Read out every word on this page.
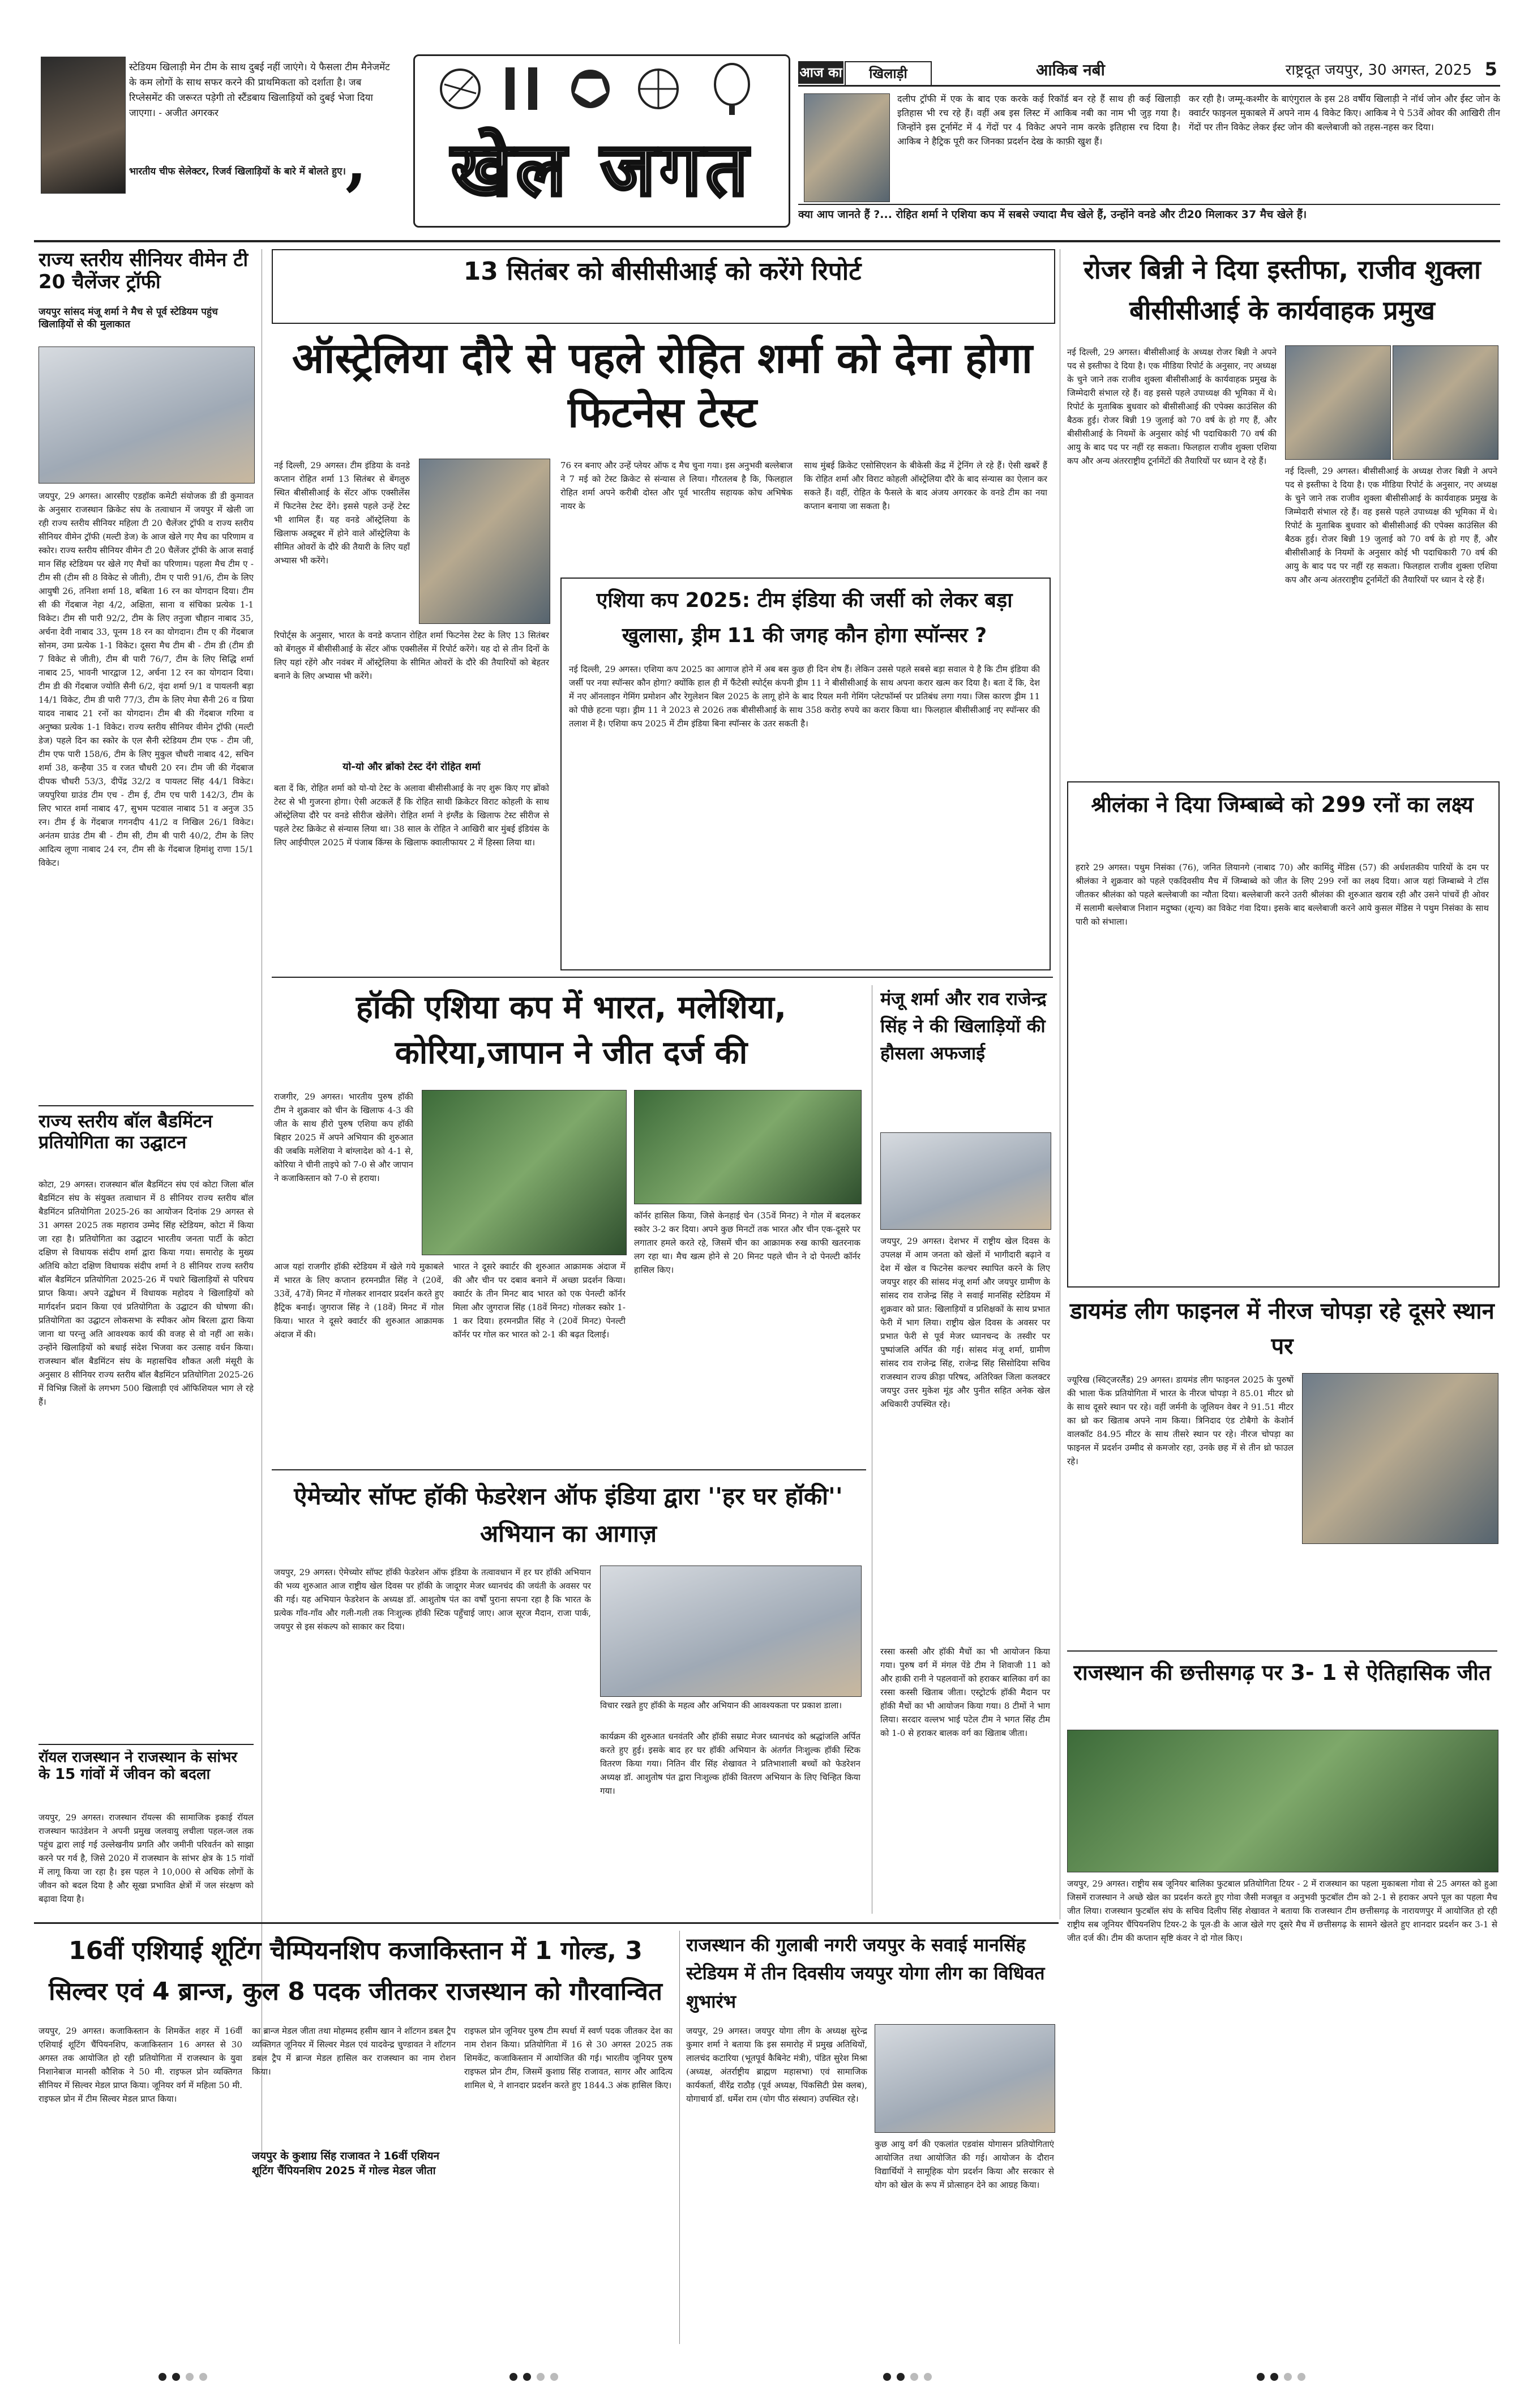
स्टेडियम खिलाड़ी मेन टीम के साथ दुबई नहीं जाएंगे। ये फैसला टीम मैनेजमेंट के कम लोगों के साथ सफर करने की प्राथमिकता को दर्शाता है। जब रिप्लेसमेंट की जरूरत पड़ेगी तो स्टैंडबाय खिलाड़ियों को दुबई भेजा दिया जाएगा। - अजीत अगरकर
भारतीय चीफ सेलेक्टर, रिजर्व खिलाड़ियों के बारे में बोलते हुए। ,	खेल जगत
आज का	खिलाड़ी	आकिब नबी	राष्ट्रदूत जयपुर, 30 अगस्त, 2025 5
दलीप ट्रॉफी में एक के बाद एक करके कई रिकॉर्ड बन रहे हैं साथ ही कई खिलाड़ी इतिहास भी रच रहे हैं। वहीं अब इस लिस्ट में आकिब नबी का नाम भी जुड़ गया है। जिन्होंने इस टूर्नामेंट में 4 गेंदों पर 4 विकेट अपने नाम करके इतिहास रच दिया है। आकिब ने हैट्रिक पूरी कर जिनका प्रदर्शन देख के काफ़ी खुश हैं।
कर रही है। जम्मू-कश्मीर के बाएंगुराल के इस 28 वर्षीय खिलाड़ी ने नॉर्थ जोन और ईस्ट जोन के क्वार्टर फाइनल मुकाबले में अपने नाम 4 विकेट किए। आकिब ने पे 53वें ओवर की आखिरी तीन गेंदों पर तीन विकेट लेकर ईस्ट जोन की बल्लेबाजी को तहस-नहस कर दिया।
क्या आप जानते हैं ?... रोहित शर्मा ने एशिया कप में सबसे ज्यादा मैच खेले हैं, उन्होंने वनडे और टी20 मिलाकर 37 मैच खेले हैं।
राज्य स्तरीय सीनियर वीमेन टी 20 चैलेंजर ट्रॉफी
जयपुर सांसद मंजू शर्मा ने मैच से पूर्व स्टेडियम पहुंच खिलाड़ियों से की मुलाकात
जयपुर, 29 अगस्त। आरसीए एडहॉक कमेटी संयोजक डी डी कुमावत के अनुसार राजस्थान क्रिकेट संघ के तत्वाधान में जयपुर में खेली जा रही राज्य स्तरीय सीनियर महिला टी 20 चैलेंजर ट्रॉफी व राज्य स्तरीय सीनियर वीमेन ट्रॉफी (मल्टी डेज) के आज खेले गए मैच का परिणाम व स्कोर। राज्य स्तरीय सीनियर वीमेन टी 20 चैलेंजर ट्रॉफी के आज सवाई मान सिंह स्टेडियम पर खेले गए मैचों का परिणाम। पहला मैच टीम ए - टीम सी (टीम सी 8 विकेट से जीती), टीम ए पारी 91/6, टीम के लिए आयुषी 26, तनिशा शर्मा 18, बबिता 16 रन का योगदान दिया। टीम सी की गेंदबाज नेहा 4/2, अक्षिता, साना व संचिका प्रत्येक 1-1 विकेट। टीम सी पारी 92/2, टीम के लिए तनुजा चौहान नाबाद 35, अर्चना देवी नाबाद 33, पूनम 18 रन का योगदान। टीम ए की गेंदबाज सोनम, उमा प्रत्येक 1-1 विकेट। दूसरा मैच टीम बी - टीम डी (टीम डी 7 विकेट से जीती), टीम बी पारी 76/7, टीम के लिए सिद्धि शर्मा नाबाद 25, भावनी भारद्वाज 12, अर्चना 12 रन का योगदान दिया। टीम डी की गेंदबाज ज्योति सैनी 6/2, वृंदा शर्मा 9/1 व पायलनी बड़ा 14/1 विकेट, टीम डी पारी 77/3, टीम के लिए मेघा सैनी 26 व प्रिया यादव नाबाद 21 रनों का योगदान। टीम बी की गेंदबाज गरिमा व अनुष्का प्रत्येक 1-1 विकेट। राज्य स्तरीय सीनियर वीमेन ट्रॉफी (मल्टी डेज) पहले दिन का स्कोर के एल सैनी स्टेडियम टीम एफ - टीम जी, टीम एफ पारी 158/6, टीम के लिए मुकुल चौधरी नाबाद 42, सचिन शर्मा 38, कन्हैया 35 व रजत चौधरी 20 रन। टीम जी की गेंदबाज दीपक चौधरी 53/3, दीपेंद्र 32/2 व पायलट सिंह 44/1 विकेट। जयपुरिया ग्राउंड टीम एच - टीम ई, टीम एच पारी 142/3, टीम के लिए भारत शर्मा नाबाद 47, सुभम पटवाल नाबाद 51 व अनुज 35 रन। टीम ई के गेंदबाज गगनदीप 41/2 व निखिल 26/1 विकेट। अनंतम ग्राउंड टीम बी - टीम सी, टीम बी पारी 40/2, टीम के लिए आदित्य लूणा नाबाद 24 रन, टीम सी के गेंदबाज हिमांशु राणा 15/1 विकेट।
राज्य स्तरीय बॉल बैडमिंटन प्रतियोगिता का उद्घाटन
कोटा, 29 अगस्त। राजस्थान बॉल बैडमिंटन संघ एवं कोटा जिला बॉल बैडमिंटन संघ के संयुक्त तत्वाधान में 8 सीनियर राज्य स्तरीय बॉल बैडमिंटन प्रतियोगिता 2025-26 का आयोजन दिनांक 29 अगस्त से 31 अगस्त 2025 तक महाराव उम्मेद सिंह स्टेडियम, कोटा में किया जा रहा है। प्रतियोगिता का उद्घाटन भारतीय जनता पार्टी के कोटा दक्षिण से विधायक संदीप शर्मा द्वारा किया गया। समारोह के मुख्य अतिथि कोटा दक्षिण विधायक संदीप शर्मा ने 8 सीनियर राज्य स्तरीय बॉल बैडमिंटन प्रतियोगिता 2025-26 में पधारे खिलाड़ियों से परिचय प्राप्त किया। अपने उद्बोधन में विधायक महोदय ने खिलाड़ियों को मार्गदर्शन प्रदान किया एवं प्रतियोगिता के उद्घाटन की घोषणा की। प्रतियोगिता का उद्घाटन लोकसभा के स्पीकर ओम बिरला द्वारा किया जाना था परन्तु अति आवश्यक कार्य की वजह से वो नहीं आ सके। उन्होंने खिलाड़ियों को बधाई संदेश भिजवा कर उत्साह वर्धन किया। राजस्थान बॉल बैडमिंटन संघ के महासचिव शौकत अली मंसूरी के अनुसार 8 सीनियर राज्य स्तरीय बॉल बैडमिंटन प्रतियोगिता 2025-26 में विभिन्न जिलों के लगभग 500 खिलाड़ी एवं ऑफिशियल भाग ले रहे हैं।
रॉयल राजस्थान ने राजस्थान के सांभर के 15 गांवों में जीवन को बदला
जयपुर, 29 अगस्त। राजस्थान रॉयल्स की सामाजिक इकाई रॉयल राजस्थान फाउंडेशन ने अपनी प्रमुख जलवायु लचीला पहल-जल तक पहुंच द्वारा लाई गई उल्लेखनीय प्रगति और जमीनी परिवर्तन को साझा करने पर गर्व है, जिसे 2020 में राजस्थान के सांभर क्षेत्र के 15 गांवों में लागू किया जा रहा है। इस पहल ने 10,000 से अधिक लोगों के जीवन को बदल दिया है और सूखा प्रभावित क्षेत्रों में जल संरक्षण को बढ़ावा दिया है।
13 सितंबर को बीसीसीआई को करेंगे रिपोर्ट
ऑस्ट्रेलिया दौरे से पहले रोहित शर्मा को देना होगा फिटनेस टेस्ट
नई दिल्ली, 29 अगस्त। टीम इंडिया के वनडे कप्तान रोहित शर्मा 13 सितंबर से बेंगलुरु स्थित बीसीसीआई के सेंटर ऑफ एक्सीलेंस में फिटनेस टेस्ट देंगे। इससे पहले उन्हें टेस्ट भी शामिल हैं। यह वनडे ऑस्ट्रेलिया के खिलाफ अक्टूबर में होने वाले ऑस्ट्रेलिया के सीमित ओवरों के दौरे की तैयारी के लिए यहाँ अभ्यास भी करेंगे।
रिपोर्ट्स के अनुसार, भारत के वनडे कप्तान रोहित शर्मा फिटनेस टेस्ट के लिए 13 सितंबर को बेंगलुरु में बीसीसीआई के सेंटर ऑफ एक्सीलेंस में रिपोर्ट करेंगे। यह दो से तीन दिनों के लिए यहां रहेंगे और नवंबर में ऑस्ट्रेलिया के सीमित ओवरों के दौरे की तैयारियों को बेहतर बनाने के लिए अभ्यास भी करेंगे।
यो-यो और ब्रोंको टेस्ट देंगे रोहित शर्मा
बता दें कि, रोहित शर्मा को यो-यो टेस्ट के अलावा बीसीसीआई के नए शुरू किए गए ब्रोंको टेस्ट से भी गुजरना होगा। ऐसी अटकलें हैं कि रोहित साथी क्रिकेटर विराट कोहली के साथ ऑस्ट्रेलिया दौरे पर वनडे सीरीज खेलेंगे। रोहित शर्मा ने इंग्लैंड के खिलाफ टेस्ट सीरीज से पहले टेस्ट क्रिकेट से संन्यास लिया था। 38 साल के रोहित ने आखिरी बार मुंबई इंडियंस के लिए आईपीएल 2025 में पंजाब किंग्स के खिलाफ क्वालीफायर 2 में हिस्सा लिया था।
76 रन बनाए और उन्हें प्लेयर ऑफ द मैच चुना गया। इस अनुभवी बल्लेबाज ने 7 मई को टेस्ट क्रिकेट से संन्यास ले लिया। गौरतलब है कि, फिलहाल रोहित शर्मा अपने करीबी दोस्त और पूर्व भारतीय सहायक कोच अभिषेक नायर के
साथ मुंबई क्रिकेट एसोसिएशन के बीकेसी केंद्र में ट्रेनिंग ले रहे हैं। ऐसी खबरें हैं कि रोहित शर्मा और विराट कोहली ऑस्ट्रेलिया दौरे के बाद संन्यास का ऐलान कर सकते हैं। वहीं, रोहित के फैसले के बाद अंजय अगरकर के वनडे टीम का नया कप्तान बनाया जा सकता है।
एशिया कप 2025: टीम इंडिया की जर्सी को लेकर बड़ा खुलासा, ड्रीम 11 की जगह कौन होगा स्पॉन्सर ?
नई दिल्ली, 29 अगस्त। एशिया कप 2025 का आगाज होने में अब बस कुछ ही दिन शेष हैं। लेकिन उससे पहले सबसे बड़ा सवाल ये है कि टीम इंडिया की जर्सी पर नया स्पॉन्सर कौन होगा? क्योंकि हाल ही में फैंटेसी स्पोर्ट्स कंपनी ड्रीम 11 ने बीसीसीआई के साथ अपना करार खत्म कर दिया है। बता दें कि, देश में नए ऑनलाइन गेमिंग प्रमोशन और रेगुलेशन बिल 2025 के लागू होने के बाद रियल मनी गेमिंग प्लेटफॉर्म्स पर प्रतिबंध लगा गया। जिस कारण ड्रीम 11 को पीछे हटना पड़ा। ड्रीम 11 ने 2023 से 2026 तक बीसीसीआई के साथ 358 करोड़ रुपये का करार किया था। फिलहाल बीसीसीआई नए स्पॉन्सर की तलाश में है। एशिया कप 2025 में टीम इंडिया बिना स्पॉन्सर के उतर सकती है।
हॉकी एशिया कप में भारत, मलेशिया, कोरिया,जापान ने जीत दर्ज की
राजगीर, 29 अगस्त। भारतीय पुरुष हॉकी टीम ने शुक्रवार को चीन के खिलाफ 4-3 की जीत के साथ हीरो पुरुष एशिया कप हॉकी बिहार 2025 में अपने अभियान की शुरुआत की जबकि मलेशिया ने बांग्लादेश को 4-1 से, कोरिया ने चीनी ताइपे को 7-0 से और जापान ने कजाकिस्तान को 7-0 से हराया।
कॉर्नर हासिल किया, जिसे केनहाई चेन (35वें मिनट) ने गोल में बदलकर स्कोर 3-2 कर दिया। अपने कुछ मिनटों तक भारत और चीन एक-दूसरे पर लगातार हमले करते रहे, जिसमें चीन का आक्रामक रुख काफी खतरनाक लग रहा था। मैच खत्म होने से 20 मिनट पहले चीन ने दो पेनल्टी कॉर्नर हासिल किए।
आज यहां राजगीर हॉकी स्टेडियम में खेले गये मुकाबले में भारत के लिए कप्तान हरमनप्रीत सिंह ने (20वें, 33वें, 47वें) मिनट में गोलकर शानदार प्रदर्शन करते हुए हैट्रिक बनाई। जुगराज सिंह ने (18वें) मिनट में गोल किया। भारत ने दूसरे क्वार्टर की शुरुआत आक्रामक अंदाज में की।
भारत ने दूसरे क्वार्टर की शुरुआत आक्रामक अंदाज में की और चीन पर दबाव बनाने में अच्छा प्रदर्शन किया। क्वार्टर के तीन मिनट बाद भारत को एक पेनल्टी कॉर्नर मिला और जुगराज सिंह (18वें मिनट) गोलकर स्कोर 1-1 कर दिया। हरमनप्रीत सिंह ने (20वें मिनट) पेनल्टी कॉर्नर पर गोल कर भारत को 2-1 की बढ़त दिलाई।
मंजू शर्मा और राव राजेन्द्र सिंह ने की खिलाड़ियों की हौसला अफजाई
जयपुर, 29 अगस्त। देशभर में राष्ट्रीय खेल दिवस के उपलक्ष में आम जनता को खेलों में भागीदारी बढ़ाने व देश में खेल व फिटनेस कल्चर स्थापित करने के लिए जयपुर शहर की सांसद मंजू शर्मा और जयपुर ग्रामीण के सांसद राव राजेन्द्र सिंह ने सवाई मानसिंह स्टेडियम में शुक्रवार को प्रात: खिलाड़ियों व प्रशिक्षकों के साथ प्रभात फेरी में भाग लिया। राष्ट्रीय खेल दिवस के अवसर पर प्रभात फेरी से पूर्व मेजर ध्यानचन्द के तस्वीर पर पुष्पांजलि अर्पित की गई। सांसद मंजू शर्मा, ग्रामीण सांसद राव राजेन्द्र सिंह, राजेन्द्र सिंह सिसोदिया सचिव राजस्थान राज्य क्रीड़ा परिषद, अतिरिक्त जिला कलक्टर जयपुर उत्तर मुकेश मूंड और पुनीत सहित अनेक खेल अधिकारी उपस्थित रहे।
रस्सा कस्सी और हॉकी मैचों का भी आयोजन किया गया। पुरुष वर्ग में मंगल पेंडे टीम ने शिवाजी 11 को और हाकी रानी ने पहलवानों को हराकर बालिका वर्ग का रस्सा कस्सी खिताब जीता। एस्ट्रोटर्फ हॉकी मैदान पर हॉकी मैचों का भी आयोजन किया गया। 8 टीमों ने भाग लिया। सरदार वल्लभ भाई पटेल टीम ने भगत सिंह टीम को 1-0 से हराकर बालक वर्ग का खिताब जीता।
ऐमेच्योर सॉफ्ट हॉकी फेडरेशन ऑफ इंडिया द्वारा ''हर घर हॉकी'' अभियान का आगाज़
जयपुर, 29 अगस्त। ऐमेच्योर सॉफ्ट हॉकी फेडरेशन ऑफ इंडिया के तत्वावधान में हर घर हॉकी अभियान की भव्य शुरुआत आज राष्ट्रीय खेल दिवस पर हॉकी के जादूगर मेजर ध्यानचंद की जयंती के अवसर पर की गई। यह अभियान फेडरेशन के अध्यक्ष डॉ. आशुतोष पंत का वर्षों पुराना सपना रहा है कि भारत के प्रत्येक गाँव-गाँव और गली-गली तक निःशुल्क हॉकी स्टिक पहुँचाई जाए। आज सूरज मैदान, राजा पार्क, जयपुर से इस संकल्प को साकार कर दिया।
विचार रखते हुए हॉकी के महत्व और अभियान की आवश्यकता पर प्रकाश डाला।
कार्यक्रम की शुरुआत धनवंतरि और हॉकी सम्राट मेजर ध्यानचंद को श्रद्धांजलि अर्पित करते हुए हुई। इसके बाद हर घर हॉकी अभियान के अंतर्गत निःशुल्क हॉकी स्टिक वितरण किया गया। नितिन वीर सिंह शेखावत ने प्रतिभाशाली बच्चों को फेडरेशन अध्यक्ष डॉ. आशुतोष पंत द्वारा निःशुल्क हॉकी वितरण अभियान के लिए चिन्हित किया गया।
रोजर बिन्नी ने दिया इस्तीफा, राजीव शुक्ला बीसीसीआई के कार्यवाहक प्रमुख
नई दिल्ली, 29 अगस्त। बीसीसीआई के अध्यक्ष रोजर बिन्नी ने अपने पद से इस्तीफा दे दिया है। एक मीडिया रिपोर्ट के अनुसार, नए अध्यक्ष के चुने जाने तक राजीव शुक्ला बीसीसीआई के कार्यवाहक प्रमुख के जिम्मेदारी संभाल रहे हैं। वह इससे पहले उपाध्यक्ष की भूमिका में थे। रिपोर्ट के मुताबिक बुधवार को बीसीसीआई की एपेक्स काउंसिल की बैठक हुई। रोजर बिन्नी 19 जुलाई को 70 वर्ष के हो गए हैं, और बीसीसीआई के नियमों के अनुसार कोई भी पदाधिकारी 70 वर्ष की आयु के बाद पद पर नहीं रह सकता। फिलहाल राजीव शुक्ला एशिया कप और अन्य अंतरराष्ट्रीय टूर्नामेंटों की तैयारियों पर ध्यान दे रहे हैं।
नई दिल्ली, 29 अगस्त। बीसीसीआई के अध्यक्ष रोजर बिन्नी ने अपने पद से इस्तीफा दे दिया है। एक मीडिया रिपोर्ट के अनुसार, नए अध्यक्ष के चुने जाने तक राजीव शुक्ला बीसीसीआई के कार्यवाहक प्रमुख के जिम्मेदारी संभाल रहे हैं। वह इससे पहले उपाध्यक्ष की भूमिका में थे। रिपोर्ट के मुताबिक बुधवार को बीसीसीआई की एपेक्स काउंसिल की बैठक हुई। रोजर बिन्नी 19 जुलाई को 70 वर्ष के हो गए हैं, और बीसीसीआई के नियमों के अनुसार कोई भी पदाधिकारी 70 वर्ष की आयु के बाद पद पर नहीं रह सकता। फिलहाल राजीव शुक्ला एशिया कप और अन्य अंतरराष्ट्रीय टूर्नामेंटों की तैयारियों पर ध्यान दे रहे हैं।
श्रीलंका ने दिया जिम्बाब्वे को 299 रनों का लक्ष्य
हरारे 29 अगस्त। पथुम निसंका (76), जनित लियानगे (नाबाद 70) और कामिंदु मेंडिस (57) की अर्धशतकीय पारियों के दम पर श्रीलंका ने शुक्रवार को पहले एकदिवसीय मैच में जिम्बाब्वे को जीत के लिए 299 रनों का लक्ष्य दिया। आज यहां जिम्बाब्वे ने टॉस जीतकर श्रीलंका को पहले बल्लेबाजी का न्यौता दिया। बल्लेबाजी करने उतरी श्रीलंका की शुरुआत खराब रही और उसने पांचवें ही ओवर में सलामी बल्लेबाज निशान मदुष्का (शून्य) का विकेट गंवा दिया। इसके बाद बल्लेबाजी करने आये कुसल मेंडिस ने पथुम निसंका के साथ पारी को संभाला।
डायमंड लीग फाइनल में नीरज चोपड़ा रहे दूसरे स्थान पर
ज्यूरिख (स्विट्जरलैंड) 29 अगस्त। डायमंड लीग फाइनल 2025 के पुरुषों की भाला फेंक प्रतियोगिता में भारत के नीरज चोपड़ा ने 85.01 मीटर थ्रो के साथ दूसरे स्थान पर रहे। वहीं जर्मनी के जूलियन वेबर ने 91.51 मीटर का थ्रो कर खिताब अपने नाम किया। त्रिनिदाद एंड टोबैगो के केशोर्न वालकॉट 84.95 मीटर के साथ तीसरे स्थान पर रहे। नीरज चोपड़ा का फाइनल में प्रदर्शन उम्मीद से कमजोर रहा, उनके छह में से तीन थ्रो फाउल रहे।
राजस्थान की छत्तीसगढ़ पर 3- 1 से ऐतिहासिक जीत
जयपुर, 29 अगस्त। राष्ट्रीय सब जूनियर बालिका फुटबाल प्रतियोगिता टियर - 2 में राजस्थान का पहला मुकाबला गोवा से 25 अगस्त को हुआ जिसमें राजस्थान ने अच्छे खेल का प्रदर्शन करते हुए गोवा जैसी मजबूत व अनुभवी फुटबॉल टीम को 2-1 से हराकर अपने पूल का पहला मैच जीत लिया। राजस्थान फुटबॉल संघ के सचिव दिलीप सिंह शेखावत ने बताया कि राजस्थान टीम छत्तीसगढ़ के नारायणपुर में आयोजित हो रही राष्ट्रीय सब जूनियर चैंपियनशिप टियर-2 के पूल-डी के आज खेले गए दूसरे मैच में छत्तीसगढ़ के सामने खेलते हुए शानदार प्रदर्शन कर 3-1 से जीत दर्ज की। टीम की कप्तान सृष्टि कंवर ने दो गोल किए।
16वीं एशियाई शूटिंग चैम्पियनशिप कजाकिस्तान में 1 गोल्ड, 3 सिल्वर एवं 4 ब्रान्ज, कुल 8 पदक जीतकर राजस्थान को गौरवान्वित
जयपुर, 29 अगस्त। कजाकिस्तान के शिमकेंत शहर में 16वीं एशियाई शूटिंग चैंपियनशिप, कजाकिस्तान 16 अगस्त से 30 अगस्त तक आयोजित हो रही प्रतियोगिता में राजस्थान के युवा निशानेबाज मानसी कौशिक ने 50 मी. राइफल प्रोन व्यक्तिगत सीनियर में सिल्वर मेडल प्राप्त किया। जूनियर वर्ग में महिला 50 मी. राइफल प्रोन में टीम सिल्वर मेडल प्राप्त किया।
का ब्रान्ज मेडल जीता तथा मोहम्मद हसीम खान ने शॉटगन डबल ट्रैप व्यक्तिगत जूनियर में सिल्वर मेडल एवं यादवेन्द्र चुण्डावत ने शॉटगन डबल ट्रैप में ब्रान्ज मेडल हासिल कर राजस्थान का नाम रोशन किया।
जयपुर के कुशाग्र सिंह राजावत ने 16वीं एशियन शूटिंग चैंपियनशिप 2025 में गोल्ड मेडल जीता
राइफल प्रोन जूनियर पुरुष टीम स्पर्धा में स्वर्ण पदक जीतकर देश का नाम रोशन किया। प्रतियोगिता में 16 से 30 अगस्त 2025 तक शिमकेंट, कजाकिस्तान में आयोजित की गई। भारतीय जूनियर पुरुष राइफल प्रोन टीम, जिसमें कुशाग्र सिंह राजावत, सागर और आदित्य शामिल थे, ने शानदार प्रदर्शन करते हुए 1844.3 अंक हासिल किए।
राजस्थान की गुलाबी नगरी जयपुर के सवाई मानसिंह स्टेडियम में तीन दिवसीय जयपुर योगा लीग का विधिवत शुभारंभ
जयपुर, 29 अगस्त। जयपुर योगा लीग के अध्यक्ष सुरेन्द्र कुमार शर्मा ने बताया कि इस समारोह में प्रमुख अतिथियों, लालचंद कटारिया (भूतपूर्व कैबिनेट मंत्री), पंडित सुरेश मिश्रा (अध्यक्ष, अंतर्राष्ट्रीय ब्राह्मण महासभा) एवं सामाजिक कार्यकर्ता, वीरेंद्र राठौड़ (पूर्व अध्यक्ष, पिंकसिटी प्रेस क्लब), योगाचार्य डॉ. धर्मेश राम (योग पीठ संस्थान) उपस्थित रहे।
कुछ आयु वर्ग की एकलांत एडवांस योगासन प्रतियोगिताएं आयोजित तथा आयोजित की गई। आयोजन के दौरान विद्यार्थियों ने सामूहिक योग प्रदर्शन किया और सरकार से योग को खेल के रूप में प्रोत्साहन देने का आग्रह किया।
